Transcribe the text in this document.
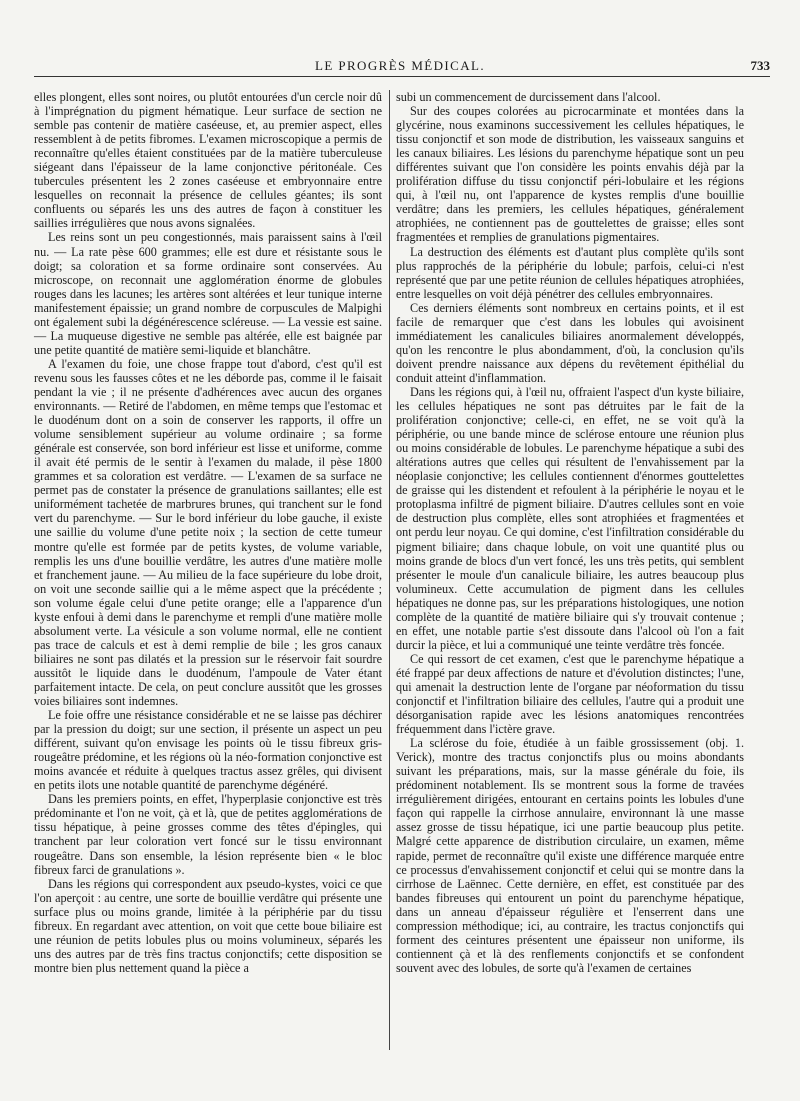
LE PROGRÈS MÉDICAL.	733

elles plongent, elles sont noires, ou plutôt entourées d'un cercle noir dû à l'imprégnation du pigment hématique. Leur surface de section ne semble pas contenir de matière caséeuse, et, au premier aspect, elles ressemblent à de petits fibromes. L'examen microscopique a permis de reconnaître qu'elles étaient constituées par de la matière tuberculeuse siégeant dans l'épaisseur de la lame conjonctive péritonéale. Ces tubercules présentent les 2 zones caséeuse et embryonnaire entre lesquelles on reconnait la présence de cellules géantes; ils sont confluents ou séparés les uns des autres de façon à constituer les saillies irrégulières que nous avons signalées.

Les reins sont un peu congestionnés, mais paraissent sains à l'œil nu. — La rate pèse 600 grammes; elle est dure et résistante sous le doigt; sa coloration et sa forme ordinaire sont conservées. Au microscope, on reconnait une agglomération énorme de globules rouges dans les lacunes; les artères sont altérées et leur tunique interne manifestement épaissie; un grand nombre de corpuscules de Malpighi ont également subi la dégénérescence scléreuse. — La vessie est saine. — La muqueuse digestive ne semble pas altérée, elle est baignée par une petite quantité de matière semi-liquide et blanchâtre.

A l'examen du foie, une chose frappe tout d'abord, c'est qu'il est revenu sous les fausses côtes et ne les déborde pas, comme il le faisait pendant la vie ; il ne présente d'adhérences avec aucun des organes environnants. — Retiré de l'abdomen, en même temps que l'estomac et le duodénum dont on a soin de conserver les rapports, il offre un volume sensiblement supérieur au volume ordinaire ; sa forme générale est conservée, son bord inférieur est lisse et uniforme, comme il avait été permis de le sentir à l'examen du malade, il pèse 1800 grammes et sa coloration est verdâtre. — L'examen de sa surface ne permet pas de constater la présence de granulations saillantes; elle est uniformément tachetée de marbrures brunes, qui tranchent sur le fond vert du parenchyme. — Sur le bord inférieur du lobe gauche, il existe une saillie du volume d'une petite noix ; la section de cette tumeur montre qu'elle est formée par de petits kystes, de volume variable, remplis les uns d'une bouillie verdâtre, les autres d'une matière molle et franchement jaune. — Au milieu de la face supérieure du lobe droit, on voit une seconde saillie qui a le même aspect que la précédente ; son volume égale celui d'une petite orange; elle a l'apparence d'un kyste enfoui à demi dans le parenchyme et rempli d'une matière molle absolument verte. La vésicule a son volume normal, elle ne contient pas trace de calculs et est à demi remplie de bile ; les gros canaux biliaires ne sont pas dilatés et la pression sur le réservoir fait sourdre aussitôt le liquide dans le duodénum, l'ampoule de Vater étant parfaitement intacte. De cela, on peut conclure aussitôt que les grosses voies biliaires sont indemnes.

Le foie offre une résistance considérable et ne se laisse pas déchirer par la pression du doigt; sur une section, il présente un aspect un peu différent, suivant qu'on envisage les points où le tissu fibreux gris-rougeâtre prédomine, et les régions où la néo-formation conjonctive est moins avancée et réduite à quelques tractus assez grêles, qui divisent en petits ilots une notable quantité de parenchyme dégénéré.

Dans les premiers points, en effet, l'hyperplasie conjonctive est très prédominante et l'on ne voit, çà et là, que de petites agglomérations de tissu hépatique, à peine grosses comme des têtes d'épingles, qui tranchent par leur coloration vert foncé sur le tissu environnant rougeâtre. Dans son ensemble, la lésion représente bien « le bloc fibreux farci de granulations ».

Dans les régions qui correspondent aux pseudo-kystes, voici ce que l'on aperçoit : au centre, une sorte de bouillie verdâtre qui présente une surface plus ou moins grande, limitée à la périphérie par du tissu fibreux. En regardant avec attention, on voit que cette boue biliaire est une réunion de petits lobules plus ou moins volumineux, séparés les uns des autres par de très fins tractus conjonctifs; cette disposition se montre bien plus nettement quand la pièce a

subi un commencement de durcissement dans l'alcool.

Sur des coupes colorées au picrocarminate et montées dans la glycérine, nous examinons successivement les cellules hépatiques, le tissu conjonctif et son mode de distribution, les vaisseaux sanguins et les canaux biliaires. Les lésions du parenchyme hépatique sont un peu différentes suivant que l'on considère les points envahis déjà par la prolifération diffuse du tissu conjonctif péri-lobulaire et les régions qui, à l'œil nu, ont l'apparence de kystes remplis d'une bouillie verdâtre; dans les premiers, les cellules hépatiques, généralement atrophiées, ne contiennent pas de gouttelettes de graisse; elles sont fragmentées et remplies de granulations pigmentaires.

La destruction des éléments est d'autant plus complète qu'ils sont plus rapprochés de la périphérie du lobule; parfois, celui-ci n'est représenté que par une petite réunion de cellules hépatiques atrophiées, entre lesquelles on voit déjà pénétrer des cellules embryonnaires.

Ces derniers éléments sont nombreux en certains points, et il est facile de remarquer que c'est dans les lobules qui avoisinent immédiatement les canalicules biliaires anormalement développés, qu'on les rencontre le plus abondamment, d'où, la conclusion qu'ils doivent prendre naissance aux dépens du revêtement épithélial du conduit atteint d'inflammation.

Dans les régions qui, à l'œil nu, offraient l'aspect d'un kyste biliaire, les cellules hépatiques ne sont pas détruites par le fait de la prolifération conjonctive; celle-ci, en effet, ne se voit qu'à la périphérie, ou une bande mince de sclérose entoure une réunion plus ou moins considérable de lobules. Le parenchyme hépatique a subi des altérations autres que celles qui résultent de l'envahissement par la néoplasie conjonctive; les cellules contiennent d'énormes gouttelettes de graisse qui les distendent et refoulent à la périphérie le noyau et le protoplasma infiltré de pigment biliaire. D'autres cellules sont en voie de destruction plus complète, elles sont atrophiées et fragmentées et ont perdu leur noyau. Ce qui domine, c'est l'infiltration considérable du pigment biliaire; dans chaque lobule, on voit une quantité plus ou moins grande de blocs d'un vert foncé, les uns très petits, qui semblent présenter le moule d'un canalicule biliaire, les autres beaucoup plus volumineux. Cette accumulation de pigment dans les cellules hépatiques ne donne pas, sur les préparations histologiques, une notion complète de la quantité de matière biliaire qui s'y trouvait contenue ; en effet, une notable partie s'est dissoute dans l'alcool où l'on a fait durcir la pièce, et lui a communiqué une teinte verdâtre très foncée.

Ce qui ressort de cet examen, c'est que le parenchyme hépatique a été frappé par deux affections de nature et d'évolution distinctes; l'une, qui amenait la destruction lente de l'organe par néoformation du tissu conjonctif et l'infiltration biliaire des cellules, l'autre qui a produit une désorganisation rapide avec les lésions anatomiques rencontrées fréquemment dans l'ictère grave.

La sclérose du foie, étudiée à un faible grossissement (obj. 1. Verick), montre des tractus conjonctifs plus ou moins abondants suivant les préparations, mais, sur la masse générale du foie, ils prédominent notablement. Ils se montrent sous la forme de travées irrégulièrement dirigées, entourant en certains points les lobules d'une façon qui rappelle la cirrhose annulaire, environnant là une masse assez grosse de tissu hépatique, ici une partie beaucoup plus petite. Malgré cette apparence de distribution circulaire, un examen, même rapide, permet de reconnaître qu'il existe une différence marquée entre ce processus d'envahissement conjonctif et celui qui se montre dans la cirrhose de Laënnec. Cette dernière, en effet, est constituée par des bandes fibreuses qui entourent un point du parenchyme hépatique, dans un anneau d'épaisseur régulière et l'enserrent dans une compression méthodique; ici, au contraire, les tractus conjonctifs qui forment des ceintures présentent une épaisseur non uniforme, ils contiennent çà et là des renflements conjonctifs et se confondent souvent avec des lobules, de sorte qu'à l'examen de certaines
